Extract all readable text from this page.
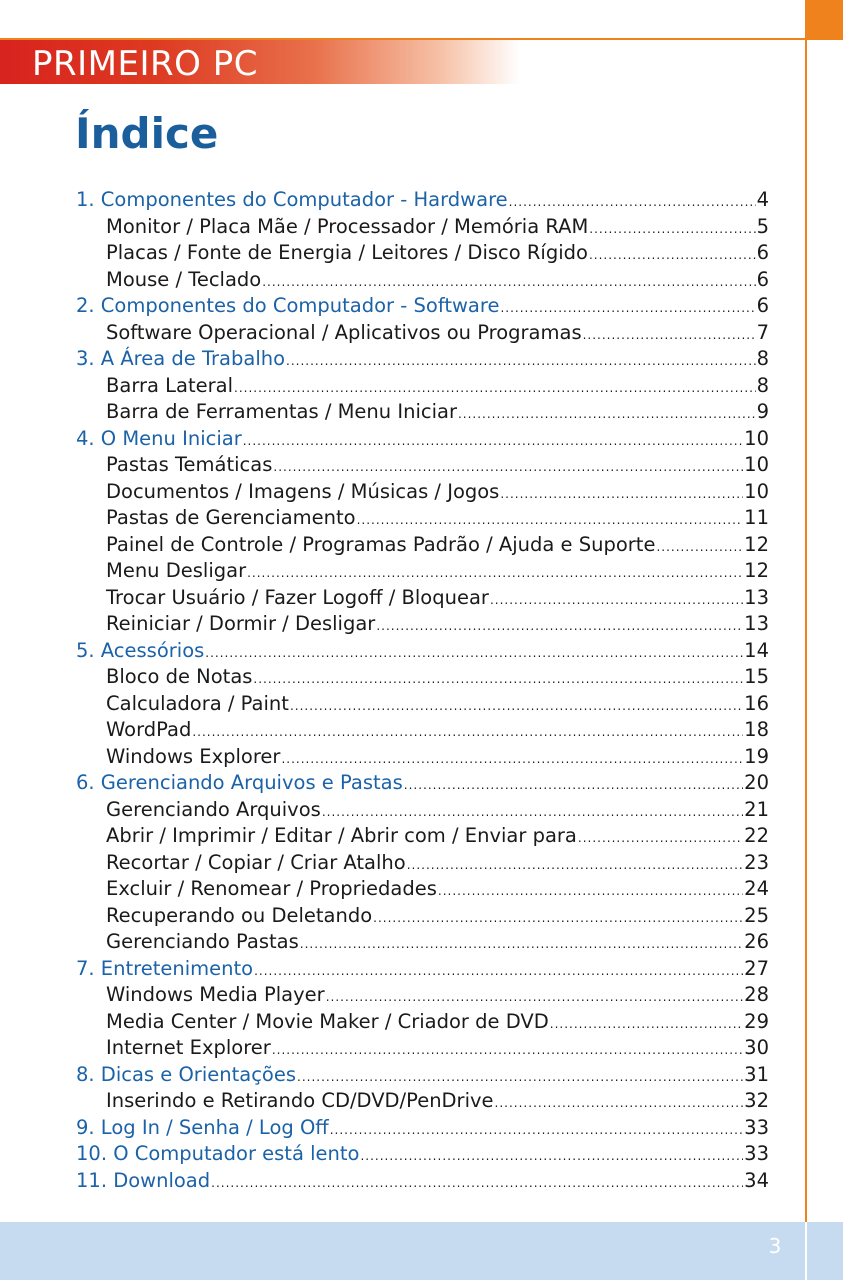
PRIMEIRO PC
Índice
1. Componentes do Computador - Hardware .....	4
Monitor / Placa Mãe / Processador / Memória RAM .....	5
Placas / Fonte de Energia / Leitores / Disco Rígido .....	6
Mouse / Teclado .....	6
2. Componentes do Computador - Software .....	6
Software Operacional / Aplicativos ou Programas .....	7
3. A Área de Trabalho .....	8
Barra Lateral .....	8
Barra de Ferramentas / Menu Iniciar .....	9
4. O Menu Iniciar .....	10
Pastas Temáticas .....	10
Documentos / Imagens / Músicas / Jogos .....	10
Pastas de Gerenciamento .....	11
Painel de Controle / Programas Padrão / Ajuda e Suporte .....	12
Menu Desligar .....	12
Trocar Usuário / Fazer Logoff / Bloquear .....	13
Reiniciar / Dormir / Desligar .....	13
5. Acessórios .....	14
Bloco de Notas .....	15
Calculadora / Paint .....	16
WordPad .....	18
Windows Explorer .....	19
6. Gerenciando Arquivos e Pastas .....	20
Gerenciando Arquivos .....	21
Abrir / Imprimir / Editar / Abrir com / Enviar para .....	22
Recortar / Copiar / Criar Atalho .....	23
Excluir / Renomear / Propriedades .....	24
Recuperando ou Deletando .....	25
Gerenciando Pastas .....	26
7. Entretenimento .....	27
Windows Media Player .....	28
Media Center / Movie Maker / Criador de DVD .....	29
Internet Explorer .....	30
8. Dicas e Orientações .....	31
Inserindo e Retirando CD/DVD/PenDrive .....	32
9. Log In / Senha / Log Off .....	33
10. O Computador está lento .....	33
11. Download .....	34
3
